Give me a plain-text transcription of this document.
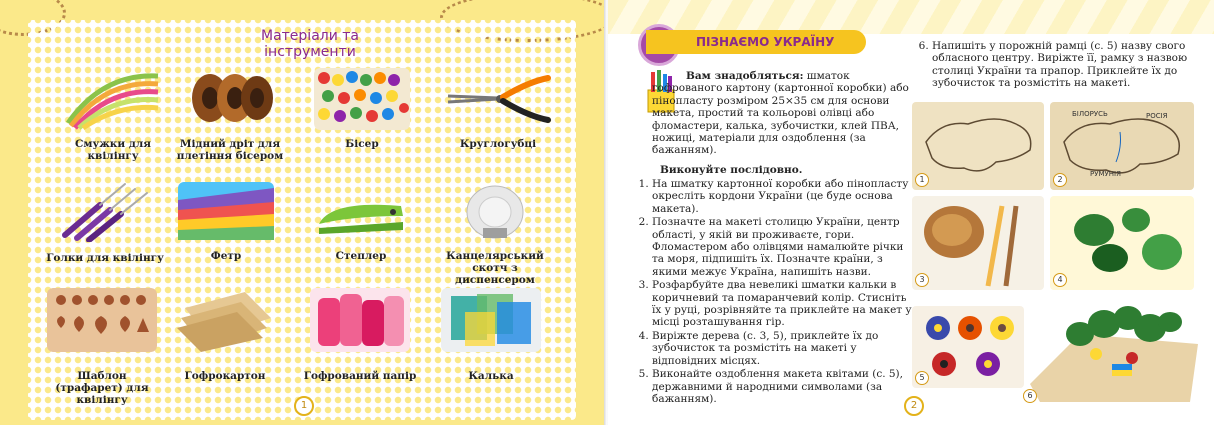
Матеріали та
інструменти
Смужки для квілінгу
Мідний дріт для плетіння бісером
Бісер	Круглогубці
Голки для квілінгу	Фетр	Степлер	Канцелярський скотч з диспенсером
Шаблон (трафарет) для квілінгу
Гофрокартон	Гофрований папір	Калька
1
ПІЗНАЄМО УКРАЇНУ
Вам знадобляться: шматок гофрованого картону (картонної коробки) або пінопласту розміром 25×35 см для основи макета, простий та кольорові олівці або фломастери, калька, зубочистки, клей ПВА, ножиці, матеріали для оздоблення (за бажанням).
Виконуйте послідовно.
1. На шматку картонної коробки або пінопласту окресліть кордони України (це буде основа макета).
2. Позначте на макеті столицю України, центр області, у якій ви проживаєте, гори. Фломастером або олівцями намалюйте річки та моря, підпишіть їх. Позначте країни, з якими межує Україна, напишіть назви.
3. Розфарбуйте два невеликі шматки кальки в коричневий та помаранчевий колір. Стисніть їх у руці, розрівняйте та приклейте на макет у місці розташування гір.
4. Виріжте дерева (с. 3, 5), приклейте їх до зубочисток та розмістіть на макеті у відповідних місцях.
5. Виконайте оздоблення макета квітами (с. 5), державними й народними символами (за бажанням).
6. Напишіть у порожній рамці (с. 5) назву свого обласного центру. Виріжте її, рамку з назвою столиці України та прапор. Приклейте їх до зубочисток та розмістіть на макеті.
1
БІЛОРУСЬ	РОСІЯ
РУМУНІЯ
2
3	4
5
6
2
